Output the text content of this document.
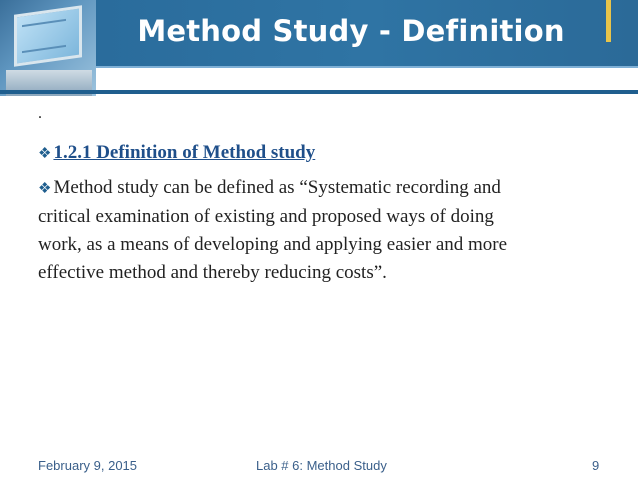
Method Study - Definition
.

❖ 1.2.1 Definition of Method study

❖ Method study can be defined as “Systematic recording and

critical examination of existing and proposed ways of doing

work, as a means of developing and applying easier and more

effective method and thereby reducing costs”.

February 9, 2015	Lab # 6: Method Study	9
